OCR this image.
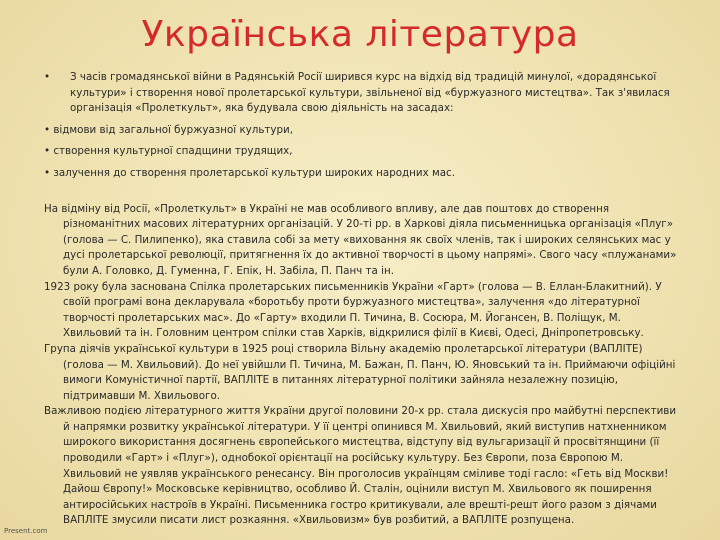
Українська література
•	З часів громадянської війни в Радянській Росії ширився курс на відхід від традицій минулої, «дорадянської культури» і створення нової пролетарської культури, звільненої від «буржуазного мистецтва». Так з'явилася організація «Пролеткульт», яка будувала свою діяльність на засадах:
• відмови від загальної буржуазної культури,
• створення культурної спадщини трудящих,
• залучення до створення пролетарської культури широких народних мас.

На відміну від Росії, «Пролеткульт» в Україні не мав особливого впливу, але дав поштовх до створення різноманітних масових літературних організацій. У 20-ті pp. в Харкові діяла письменницька організація «Плуг» (голова — С. Пилипенко), яка ставила собі за мету «виховання як своїх членів, так і широких селянських мас у дусі пролетарської революції, притягнення їх до активної творчості в цьому напрямі». Свого часу «плужанами» були А. Головко, Д. Гуменна, Г. Епік, Н. Забіла, П. Панч та ін.

1923 року була заснована Спілка пролетарських письменників України «Гарт» (голова — В. Еллан-Блакитний). У своїй програмі вона декларувала «боротьбу проти буржуазного мистецтва», залучення «до літературної творчості пролетарських мас». До «Гарту» входили П. Тичина, В. Сосюра, М. Йогансен, В. Поліщук, М. Хвильовий та ін. Головним центром спілки став Харків, відкрилися філії в Києві, Одесі, Дніпропетровську.

Група діячів української культури в 1925 році створила Вільну академію пролетарської літератури (ВАПЛІТЕ) (голова — М. Хвильовий). До неї увійшли П. Тичина, М. Бажан, П. Панч, Ю. Яновський та ін. Приймаючи офіційні вимоги Комуністичної партії, ВАПЛІТЕ в питаннях літературної політики зайняла незалежну позицію, підтримавши М. Хвильового.

Важливою подією літературного життя України другої половини 20-х pp. стала дискусія про майбутні перспективи й напрямки розвитку української літератури. У її центрі опинився М. Хвильовий, який виступив натхненником широкого використання досягнень європейського мистецтва, відступу від вульгаризації й просвітянщини (її проводили «Гарт» і «Плуг»), однобокої орієнтації на російську культуру. Без Європи, поза Європою М. Хвильовий не уявляв українського ренесансу. Він проголосив українцям сміливе тоді гасло: «Геть від Москви! Дайош Європу!» Московське керівництво, особливо Й. Сталін, оцінили виступ М. Хвильового як поширення антиросійських настроїв в Україні. Письменника гостро критикували, але врешті-решт його разом з діячами ВАПЛІТЕ змусили писати лист розкаяння. «Хвильовизм» був розбитий, а ВАПЛІТЕ розпущена.

Present.com
